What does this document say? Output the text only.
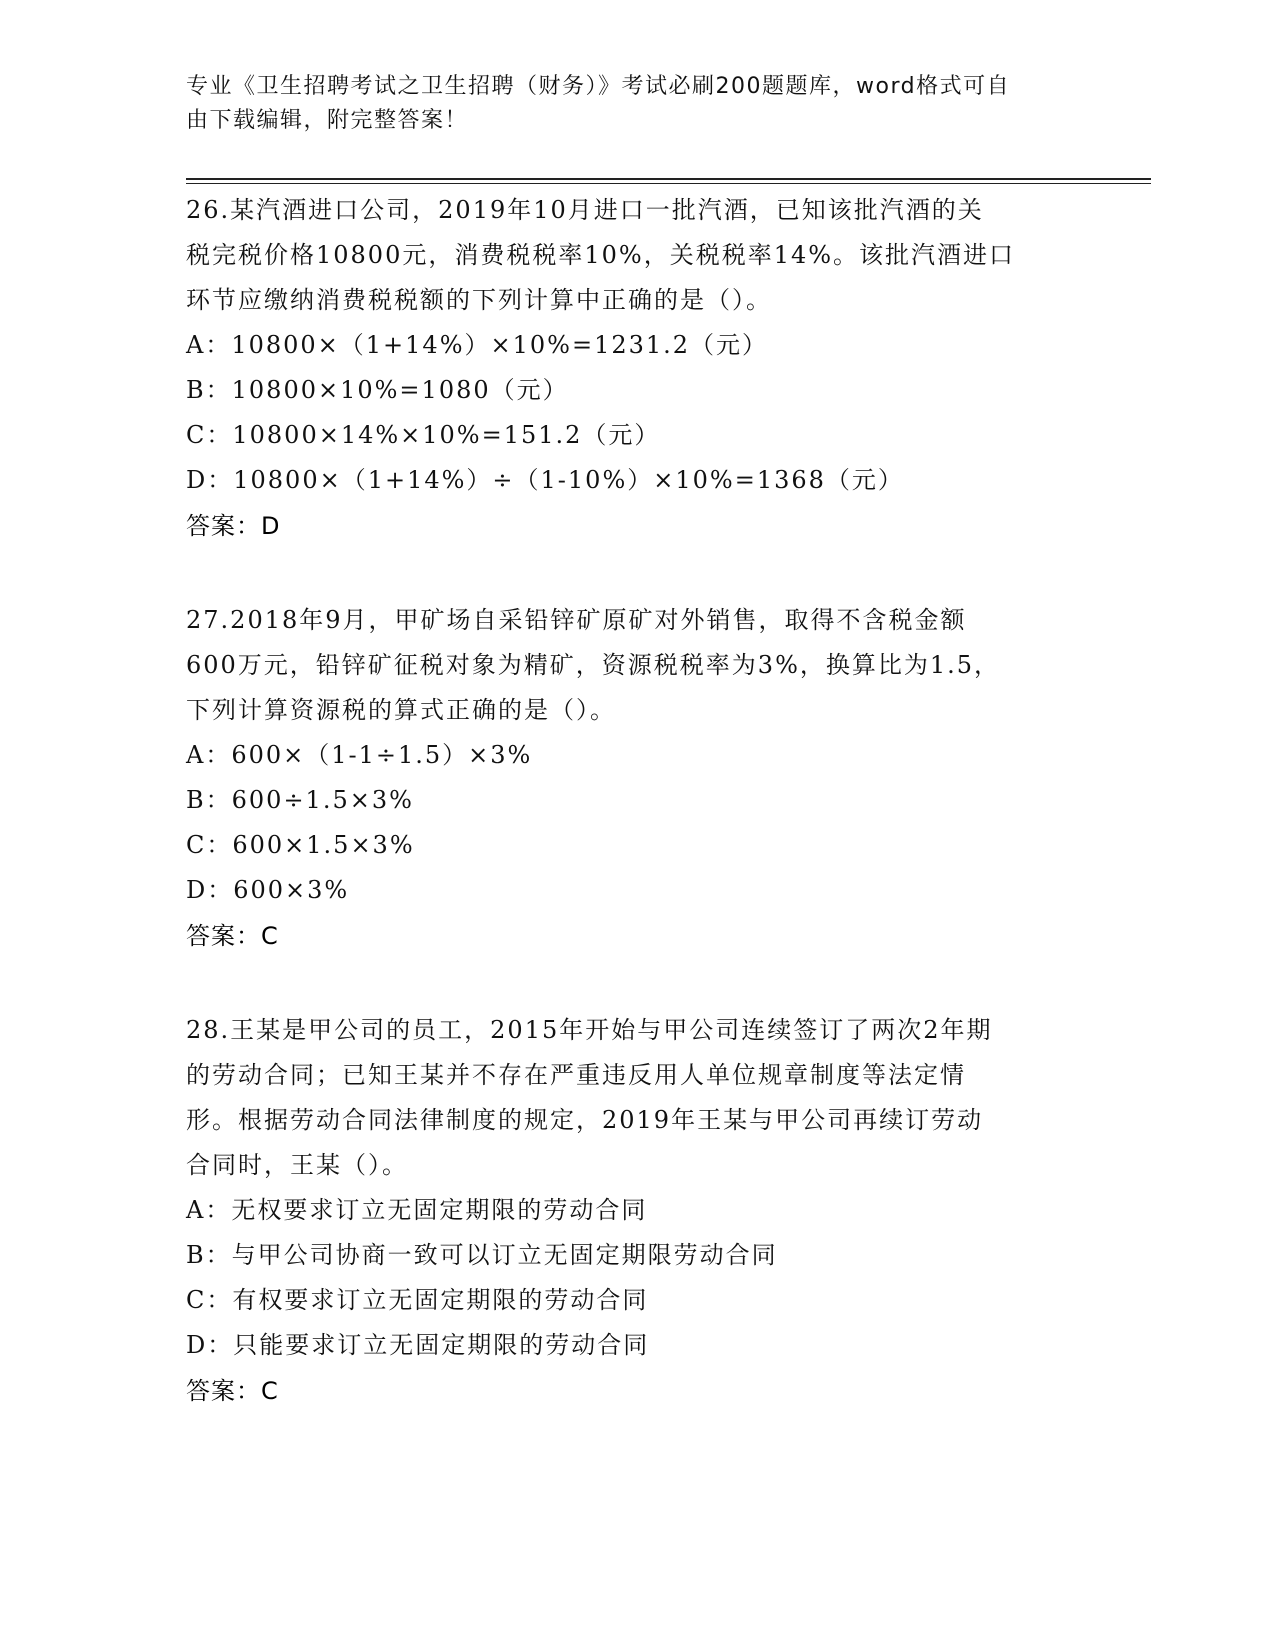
专业《卫生招聘考试之卫生招聘（财务）》考试必刷200题题库，word格式可自

由下载编辑，附完整答案！

26.某汽酒进口公司，2019年10月进口一批汽酒，已知该批汽酒的关

税完税价格10800元，消费税税率10%，关税税率14%。该批汽酒进口

环节应缴纳消费税税额的下列计算中正确的是（）。

A：10800×（1+14%）×10%=1231.2（元）

B：10800×10%=1080（元）

C：10800×14%×10%=151.2（元）

D：10800×（1+14%）÷（1-10%）×10%=1368（元）

答案：D

27.2018年9月，甲矿场自采铅锌矿原矿对外销售，取得不含税金额

600万元，铅锌矿征税对象为精矿，资源税税率为3%，换算比为1.5，

下列计算资源税的算式正确的是（）。

A：600×（1-1÷1.5）×3%

B：600÷1.5×3%

C：600×1.5×3%

D：600×3%

答案：C

28.王某是甲公司的员工，2015年开始与甲公司连续签订了两次2年期

的劳动合同；已知王某并不存在严重违反用人单位规章制度等法定情

形。根据劳动合同法律制度的规定，2019年王某与甲公司再续订劳动

合同时，王某（）。

A：无权要求订立无固定期限的劳动合同

B：与甲公司协商一致可以订立无固定期限劳动合同

C：有权要求订立无固定期限的劳动合同

D：只能要求订立无固定期限的劳动合同

答案：C
